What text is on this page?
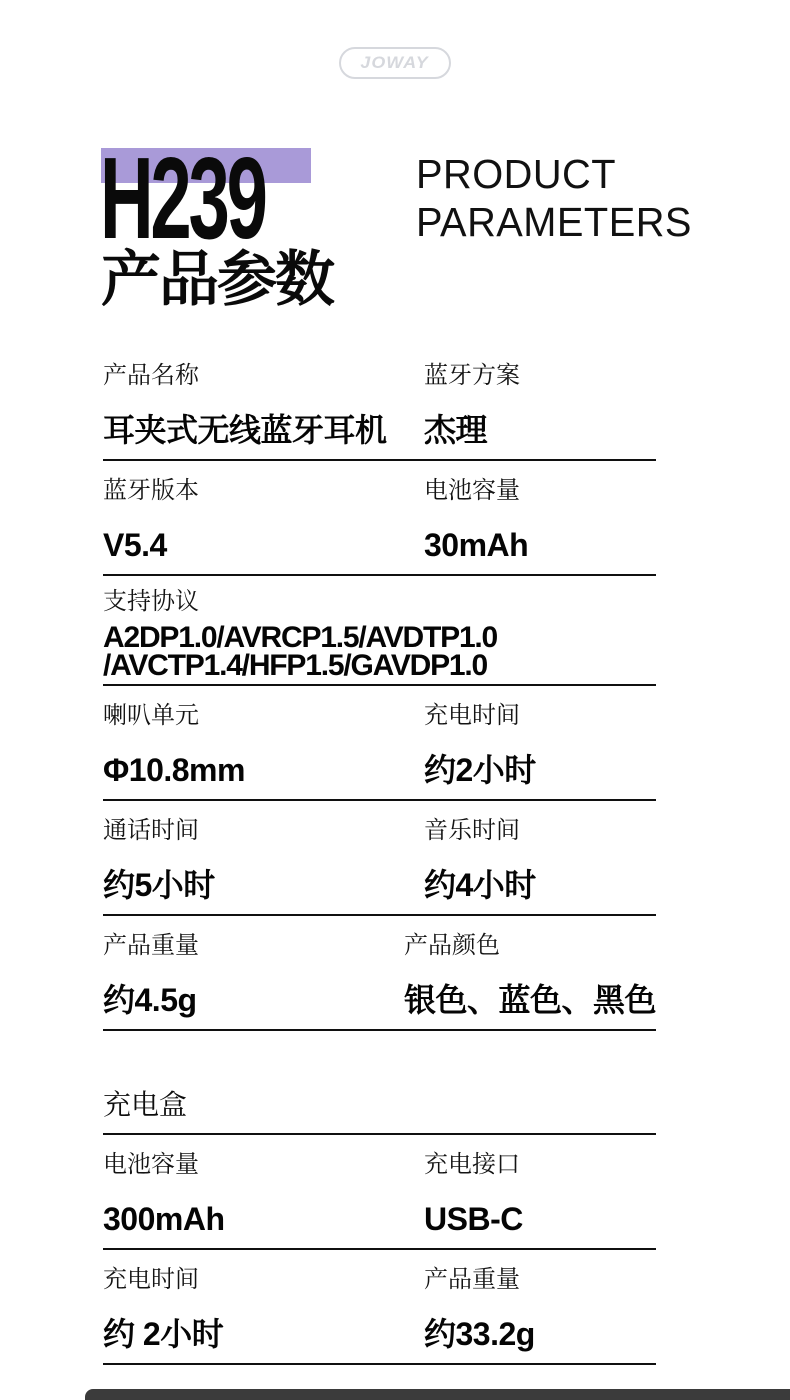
JOWAY
H239
产品参数
PRODUCT
PARAMETERS
产品名称
耳夹式无线蓝牙耳机
蓝牙方案
杰理
蓝牙版本
V5.4
电池容量
30mAh
支持协议
A2DP1.0/AVRCP1.5/AVDTP1.0
/AVCTP1.4/HFP1.5/GAVDP1.0
喇叭单元
Φ10.8mm
充电时间
约2小时
通话时间
约5小时
音乐时间
约4小时
产品重量
约4.5g
产品颜色
银色、蓝色、黑色
充电盒
电池容量
300mAh
充电接口
USB-C
充电时间
约 2小时
产品重量
约33.2g
